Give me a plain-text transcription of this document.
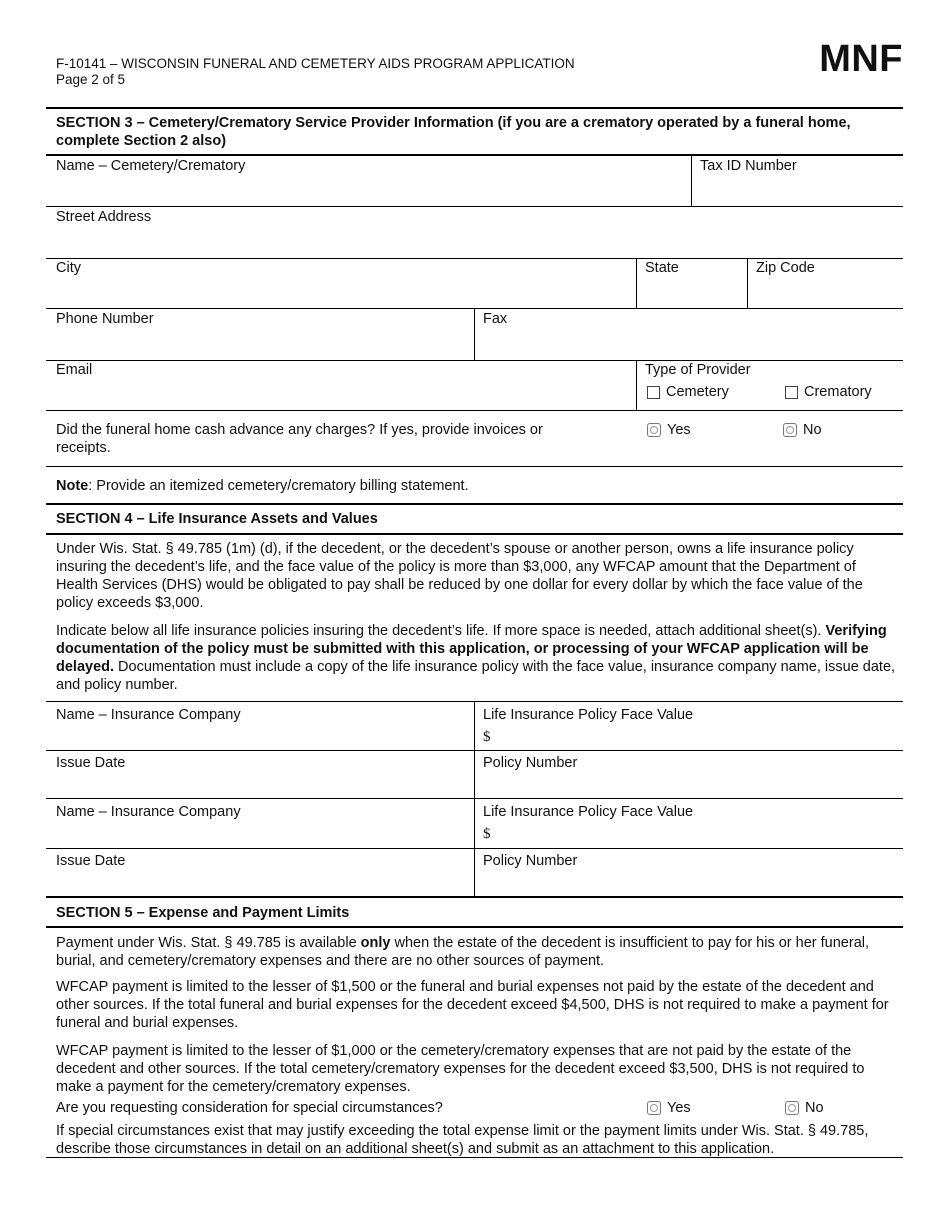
F-10141 – WISCONSIN FUNERAL AND CEMETERY AIDS PROGRAM APPLICATION
Page 2 of 5	MNF
SECTION 3 – Cemetery/Crematory Service Provider Information (if you are a crematory operated by a funeral home, complete Section 2 also)
Name – Cemetery/Crematory	Tax ID Number
Street Address
City	State	Zip Code
Phone Number	Fax
Email	Type of Provider
Cemetery	Crematory
Did the funeral home cash advance any charges? If yes, provide invoices or receipts.
Yes	No
Note: Provide an itemized cemetery/crematory billing statement.
SECTION 4 – Life Insurance Assets and Values
Under Wis. Stat. § 49.785 (1m) (d), if the decedent, or the decedent’s spouse or another person, owns a life insurance policy insuring the decedent’s life, and the face value of the policy is more than $3,000, any WFCAP amount that the Department of Health Services (DHS) would be obligated to pay shall be reduced by one dollar for every dollar by which the face value of the policy exceeds $3,000.
Indicate below all life insurance policies insuring the decedent’s life. If more space is needed, attach additional sheet(s). Verifying documentation of the policy must be submitted with this application, or processing of your WFCAP application will be delayed. Documentation must include a copy of the life insurance policy with the face value, insurance company name, issue date, and policy number.
Name – Insurance Company	Life Insurance Policy Face Value
$
Issue Date	Policy Number
Name – Insurance Company	Life Insurance Policy Face Value
$
Issue Date	Policy Number
SECTION 5 – Expense and Payment Limits
Payment under Wis. Stat. § 49.785 is available only when the estate of the decedent is insufficient to pay for his or her funeral, burial, and cemetery/crematory expenses and there are no other sources of payment.
WFCAP payment is limited to the lesser of $1,500 or the funeral and burial expenses not paid by the estate of the decedent and other sources. If the total funeral and burial expenses for the decedent exceed $4,500, DHS is not required to make a payment for funeral and burial expenses.
WFCAP payment is limited to the lesser of $1,000 or the cemetery/crematory expenses that are not paid by the estate of the decedent and other sources. If the total cemetery/crematory expenses for the decedent exceed $3,500, DHS is not required to make a payment for the cemetery/crematory expenses.
Are you requesting consideration for special circumstances?	Yes	No
If special circumstances exist that may justify exceeding the total expense limit or the payment limits under Wis. Stat. § 49.785, describe those circumstances in detail on an additional sheet(s) and submit as an attachment to this application.
